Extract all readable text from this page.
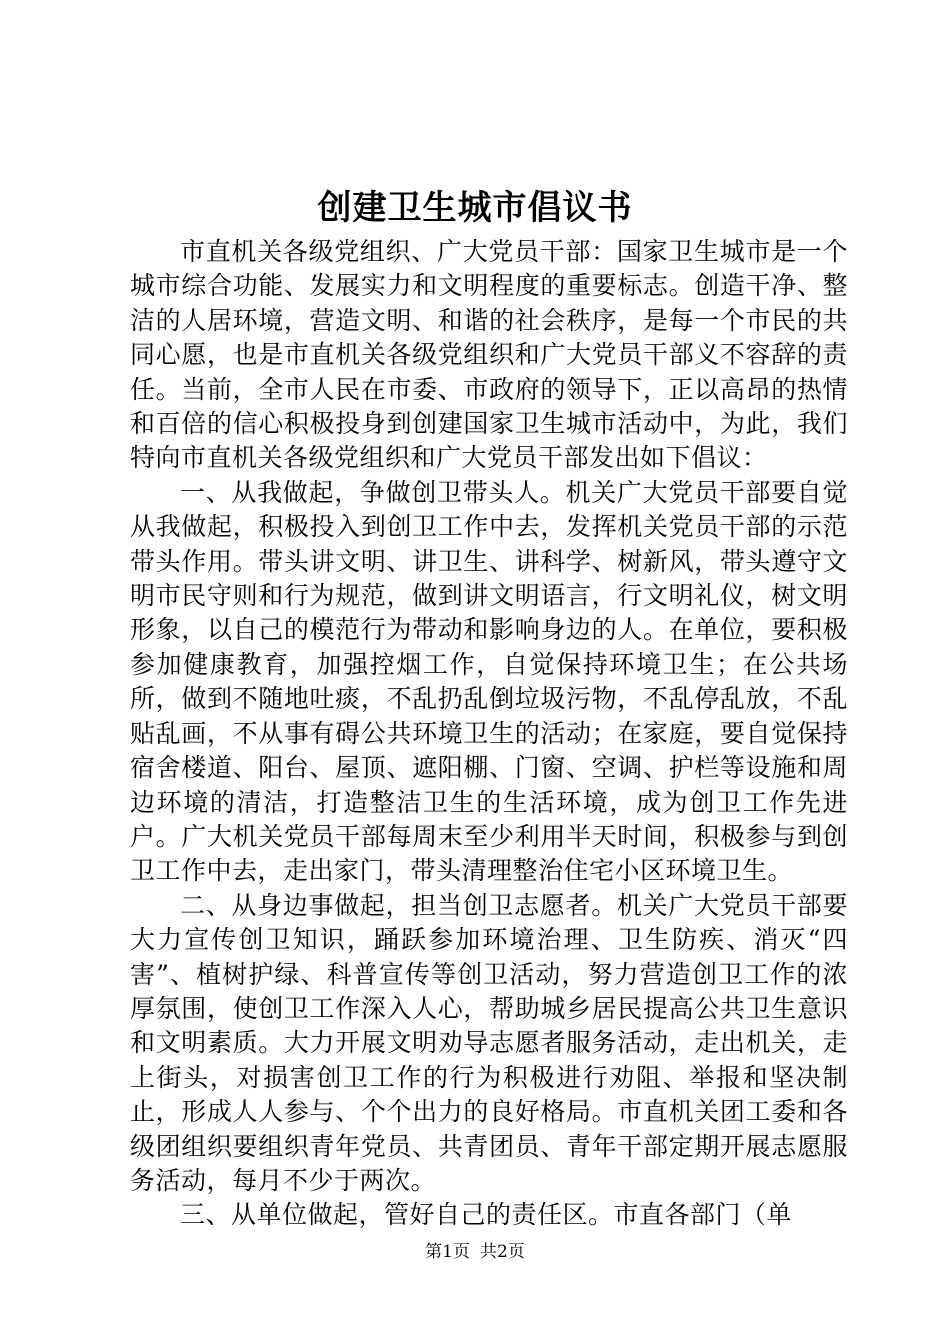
创建卫生城市倡议书

市直机关各级党组织、广大党员干部：国家卫生城市是一个城市综合功能、发展实力和文明程度的重要标志。创造干净、整洁的人居环境，营造文明、和谐的社会秩序，是每一个市民的共同心愿，也是市直机关各级党组织和广大党员干部义不容辞的责任。当前，全市人民在市委、市政府的领导下，正以高昂的热情和百倍的信心积极投身到创建国家卫生城市活动中，为此，我们特向市直机关各级党组织和广大党员干部发出如下倡议：

一、从我做起，争做创卫带头人。机关广大党员干部要自觉从我做起，积极投入到创卫工作中去，发挥机关党员干部的示范带头作用。带头讲文明、讲卫生、讲科学、树新风，带头遵守文明市民守则和行为规范，做到讲文明语言，行文明礼仪，树文明形象，以自己的模范行为带动和影响身边的人。在单位，要积极参加健康教育，加强控烟工作，自觉保持环境卫生；在公共场所，做到不随地吐痰，不乱扔乱倒垃圾污物，不乱停乱放，不乱贴乱画，不从事有碍公共环境卫生的活动；在家庭，要自觉保持宿舍楼道、阳台、屋顶、遮阳棚、门窗、空调、护栏等设施和周边环境的清洁，打造整洁卫生的生活环境，成为创卫工作先进户。广大机关党员干部每周末至少利用半天时间，积极参与到创卫工作中去，走出家门，带头清理整治住宅小区环境卫生。

二、从身边事做起，担当创卫志愿者。机关广大党员干部要大力宣传创卫知识，踊跃参加环境治理、卫生防疾、消灭“四害”、植树护绿、科普宣传等创卫活动，努力营造创卫工作的浓厚氛围，使创卫工作深入人心，帮助城乡居民提高公共卫生意识和文明素质。大力开展文明劝导志愿者服务活动，走出机关，走上街头，对损害创卫工作的行为积极进行劝阻、举报和坚决制止，形成人人参与、个个出力的良好格局。市直机关团工委和各级团组织要组织青年党员、共青团员、青年干部定期开展志愿服务活动，每月不少于两次。

三、从单位做起，管好自己的责任区。市直各部门（单

第1页 共2页
